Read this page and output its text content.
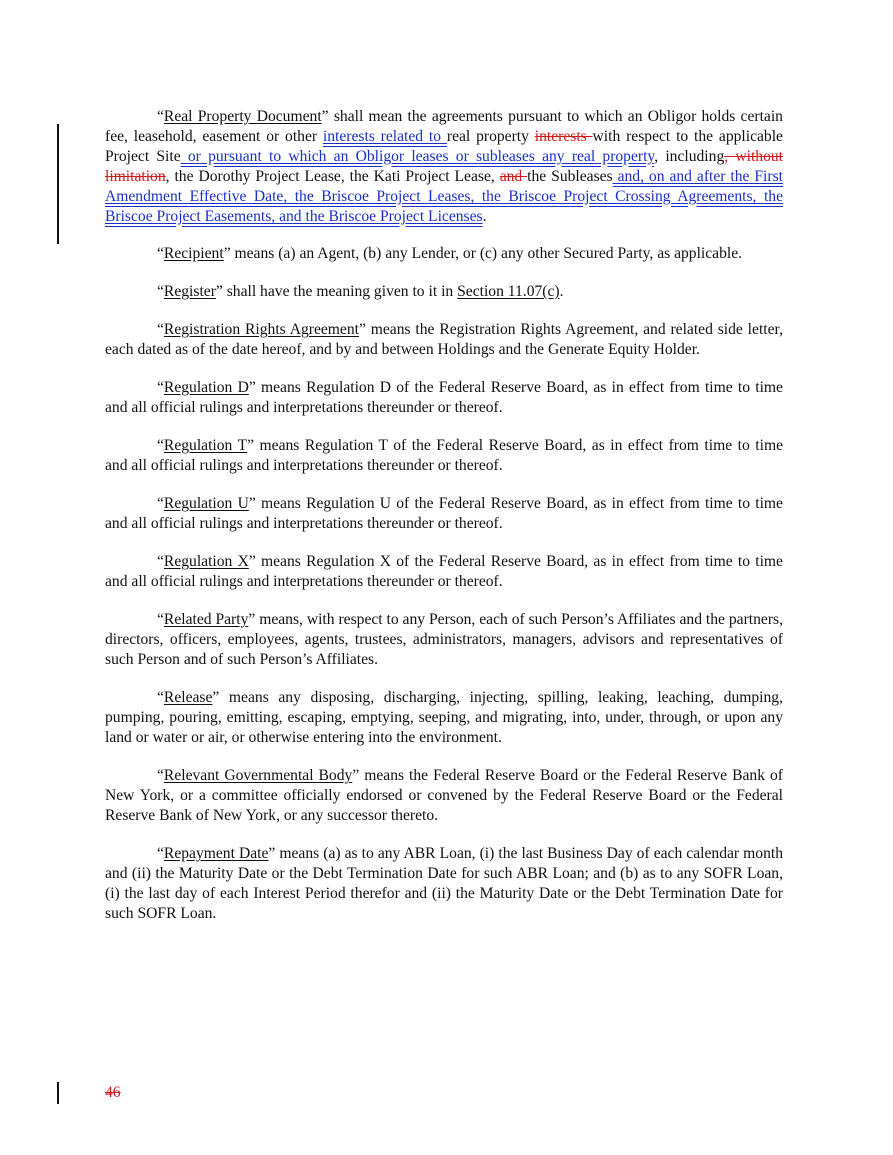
“Real Property Document” shall mean the agreements pursuant to which an Obligor holds certain fee, leasehold, easement or other interests related to real property interests with respect to the applicable Project Site or pursuant to which an Obligor leases or subleases any real property, including, without limitation, the Dorothy Project Lease, the Kati Project Lease, and the Subleases and, on and after the First Amendment Effective Date, the Briscoe Project Leases, the Briscoe Project Crossing Agreements, the Briscoe Project Easements, and the Briscoe Project Licenses.

“Recipient” means (a) an Agent, (b) any Lender, or (c) any other Secured Party, as applicable.

“Register” shall have the meaning given to it in Section 11.07(c).

“Registration Rights Agreement” means the Registration Rights Agreement, and related side letter, each dated as of the date hereof, and by and between Holdings and the Generate Equity Holder.

“Regulation D” means Regulation D of the Federal Reserve Board, as in effect from time to time and all official rulings and interpretations thereunder or thereof.

“Regulation T” means Regulation T of the Federal Reserve Board, as in effect from time to time and all official rulings and interpretations thereunder or thereof.

“Regulation U” means Regulation U of the Federal Reserve Board, as in effect from time to time and all official rulings and interpretations thereunder or thereof.

“Regulation X” means Regulation X of the Federal Reserve Board, as in effect from time to time and all official rulings and interpretations thereunder or thereof.

“Related Party” means, with respect to any Person, each of such Person’s Affiliates and the partners, directors, officers, employees, agents, trustees, administrators, managers, advisors and representatives of such Person and of such Person’s Affiliates.

“Release” means any disposing, discharging, injecting, spilling, leaking, leaching, dumping, pumping, pouring, emitting, escaping, emptying, seeping, and migrating, into, under, through, or upon any land or water or air, or otherwise entering into the environment.

“Relevant Governmental Body” means the Federal Reserve Board or the Federal Reserve Bank of New York, or a committee officially endorsed or convened by the Federal Reserve Board or the Federal Reserve Bank of New York, or any successor thereto.

“Repayment Date” means (a) as to any ABR Loan, (i) the last Business Day of each calendar month and (ii) the Maturity Date or the Debt Termination Date for such ABR Loan; and (b) as to any SOFR Loan, (i) the last day of each Interest Period therefor and (ii) the Maturity Date or the Debt Termination Date for such SOFR Loan.

46
